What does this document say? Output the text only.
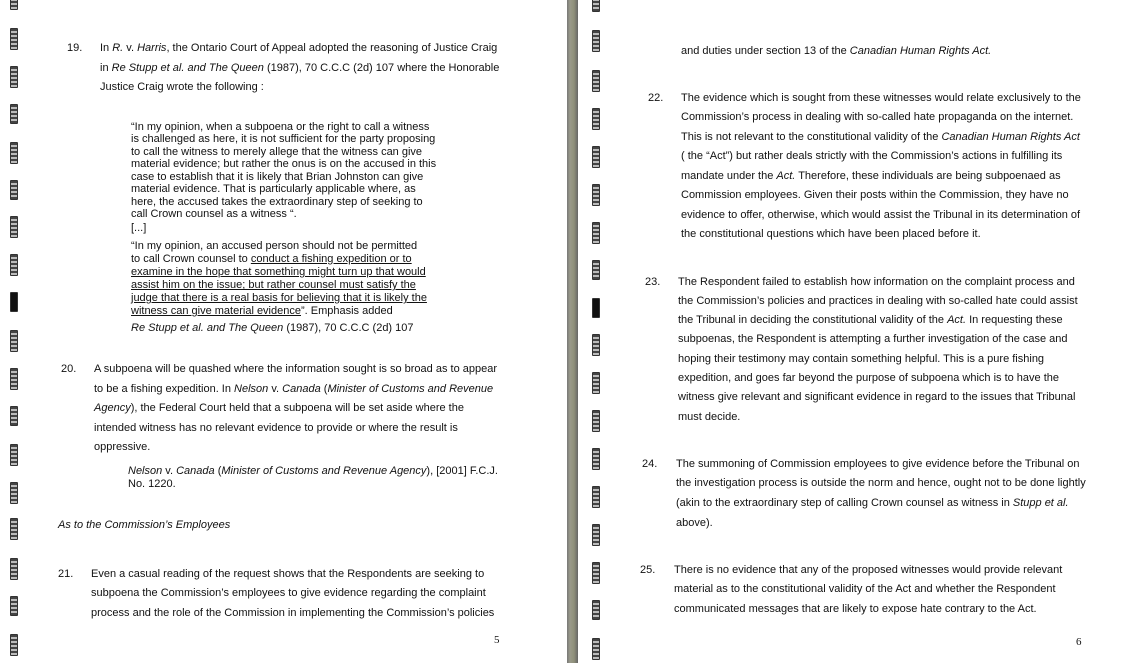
19. In R. v. Harris, the Ontario Court of Appeal adopted the reasoning of Justice Craig

in Re Stupp et al. and The Queen (1987), 70 C.C.C (2d) 107 where the Honorable

Justice Craig wrote the following :

“In my opinion, when a subpoena or the right to call a witness

is challenged as here, it is not sufficient for the party proposing

to call the witness to merely allege that the witness can give

material evidence; but rather the onus is on the accused in this

case to establish that it is likely that Brian Johnston can give

material evidence. That is particularly applicable where, as

here, the accused takes the extraordinary step of seeking to

call Crown counsel as a witness “.

[...]

“In my opinion, an accused person should not be permitted

to call Crown counsel to conduct a fishing expedition or to

examine in the hope that something might turn up that would

assist him on the issue; but rather counsel must satisfy the

judge that there is a real basis for believing that it is likely the

witness can give material evidence”. Emphasis added

Re Stupp et al. and The Queen (1987), 70 C.C.C (2d) 107

20. A subpoena will be quashed where the information sought is so broad as to appear

to be a fishing expedition. In Nelson v. Canada (Minister of Customs and Revenue

Agency), the Federal Court held that a subpoena will be set aside where the

intended witness has no relevant evidence to provide or where the result is

oppressive.

Nelson v. Canada (Minister of Customs and Revenue Agency), [2001] F.C.J.

No. 1220.

As to the Commission’s Employees
21. Even a casual reading of the request shows that the Respondents are seeking to

subpoena the Commission’s employees to give evidence regarding the complaint

process and the role of the Commission in implementing the Commission’s policies

5

and duties under section 13 of the Canadian Human Rights Act.

22. The evidence which is sought from these witnesses would relate exclusively to the

Commission’s process in dealing with so-called hate propaganda on the internet.

This is not relevant to the constitutional validity of the Canadian Human Rights Act

( the “Act”) but rather deals strictly with the Commission’s actions in fulfilling its

mandate under the Act. Therefore, these individuals are being subpoenaed as

Commission employees. Given their posts within the Commission, they have no

evidence to offer, otherwise, which would assist the Tribunal in its determination of

the constitutional questions which have been placed before it.

23. The Respondent failed to establish how information on the complaint process and

the Commission’s policies and practices in dealing with so-called hate could assist

the Tribunal in deciding the constitutional validity of the Act. In requesting these

subpoenas, the Respondent is attempting a further investigation of the case and

hoping their testimony may contain something helpful. This is a pure fishing

expedition, and goes far beyond the purpose of subpoena which is to have the

witness give relevant and significant evidence in regard to the issues that Tribunal

must decide.

24. The summoning of Commission employees to give evidence before the Tribunal on

the investigation process is outside the norm and hence, ought not to be done lightly

(akin to the extraordinary step of calling Crown counsel as witness in Stupp et al.

above).

25. There is no evidence that any of the proposed witnesses would provide relevant

material as to the constitutional validity of the Act and whether the Respondent

communicated messages that are likely to expose hate contrary to the Act.

6
